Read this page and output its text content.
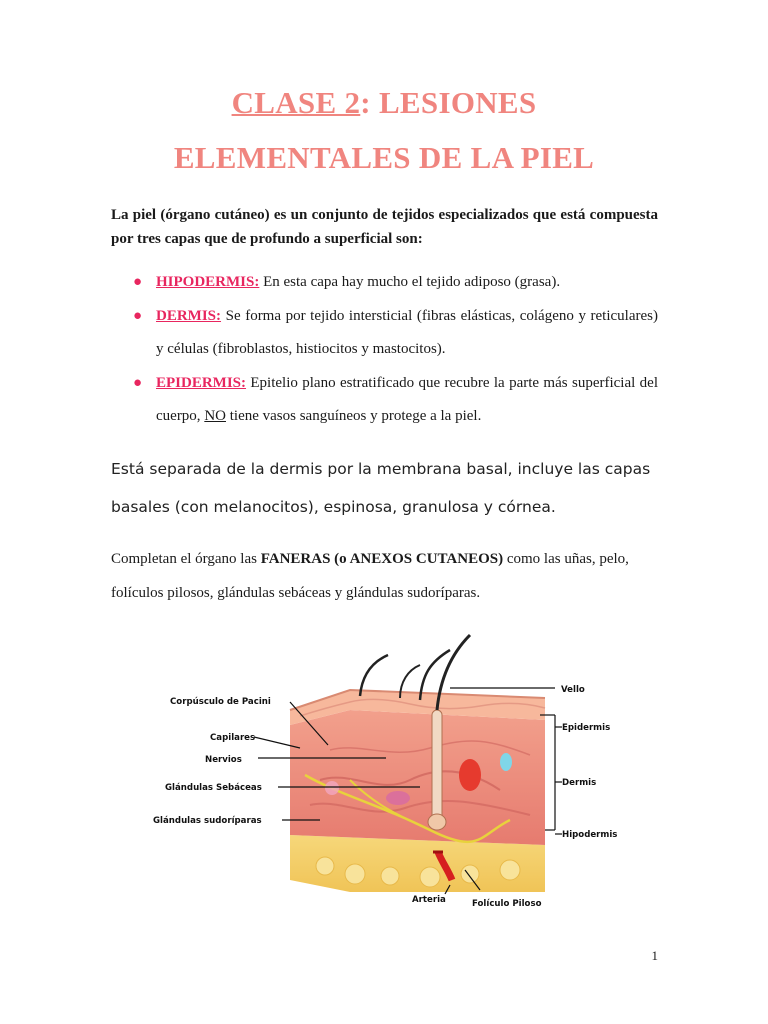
CLASE 2: LESIONES
ELEMENTALES DE LA PIEL

La piel (órgano cutáneo) es un conjunto de tejidos especializados que está compuesta por tres capas que de profundo a superficial son:

● HIPODERMIS: En esta capa hay mucho el tejido adiposo (grasa).
● DERMIS: Se forma por tejido intersticial (fibras elásticas, colágeno y reticulares) y células (fibroblastos, histiocitos y mastocitos).
● EPIDERMIS: Epitelio plano estratificado que recubre la parte más superficial del cuerpo, NO tiene vasos sanguíneos y protege a la piel.

Está separada de la dermis por la membrana basal, incluye las capas basales (con melanocitos), espinosa, granulosa y córnea.

Completan el órgano las FANERAS (o ANEXOS CUTANEOS) como las uñas, pelo, folículos pilosos, glándulas sebáceas y glándulas sudoríparas.

Corpúsculo de Pacini
Capilares
Nervios
Glándulas Sebáceas
Glándulas sudoríparas
Vello
Epidermis
Dermis
Hipodermis
Arteria	Folículo Piloso

1
